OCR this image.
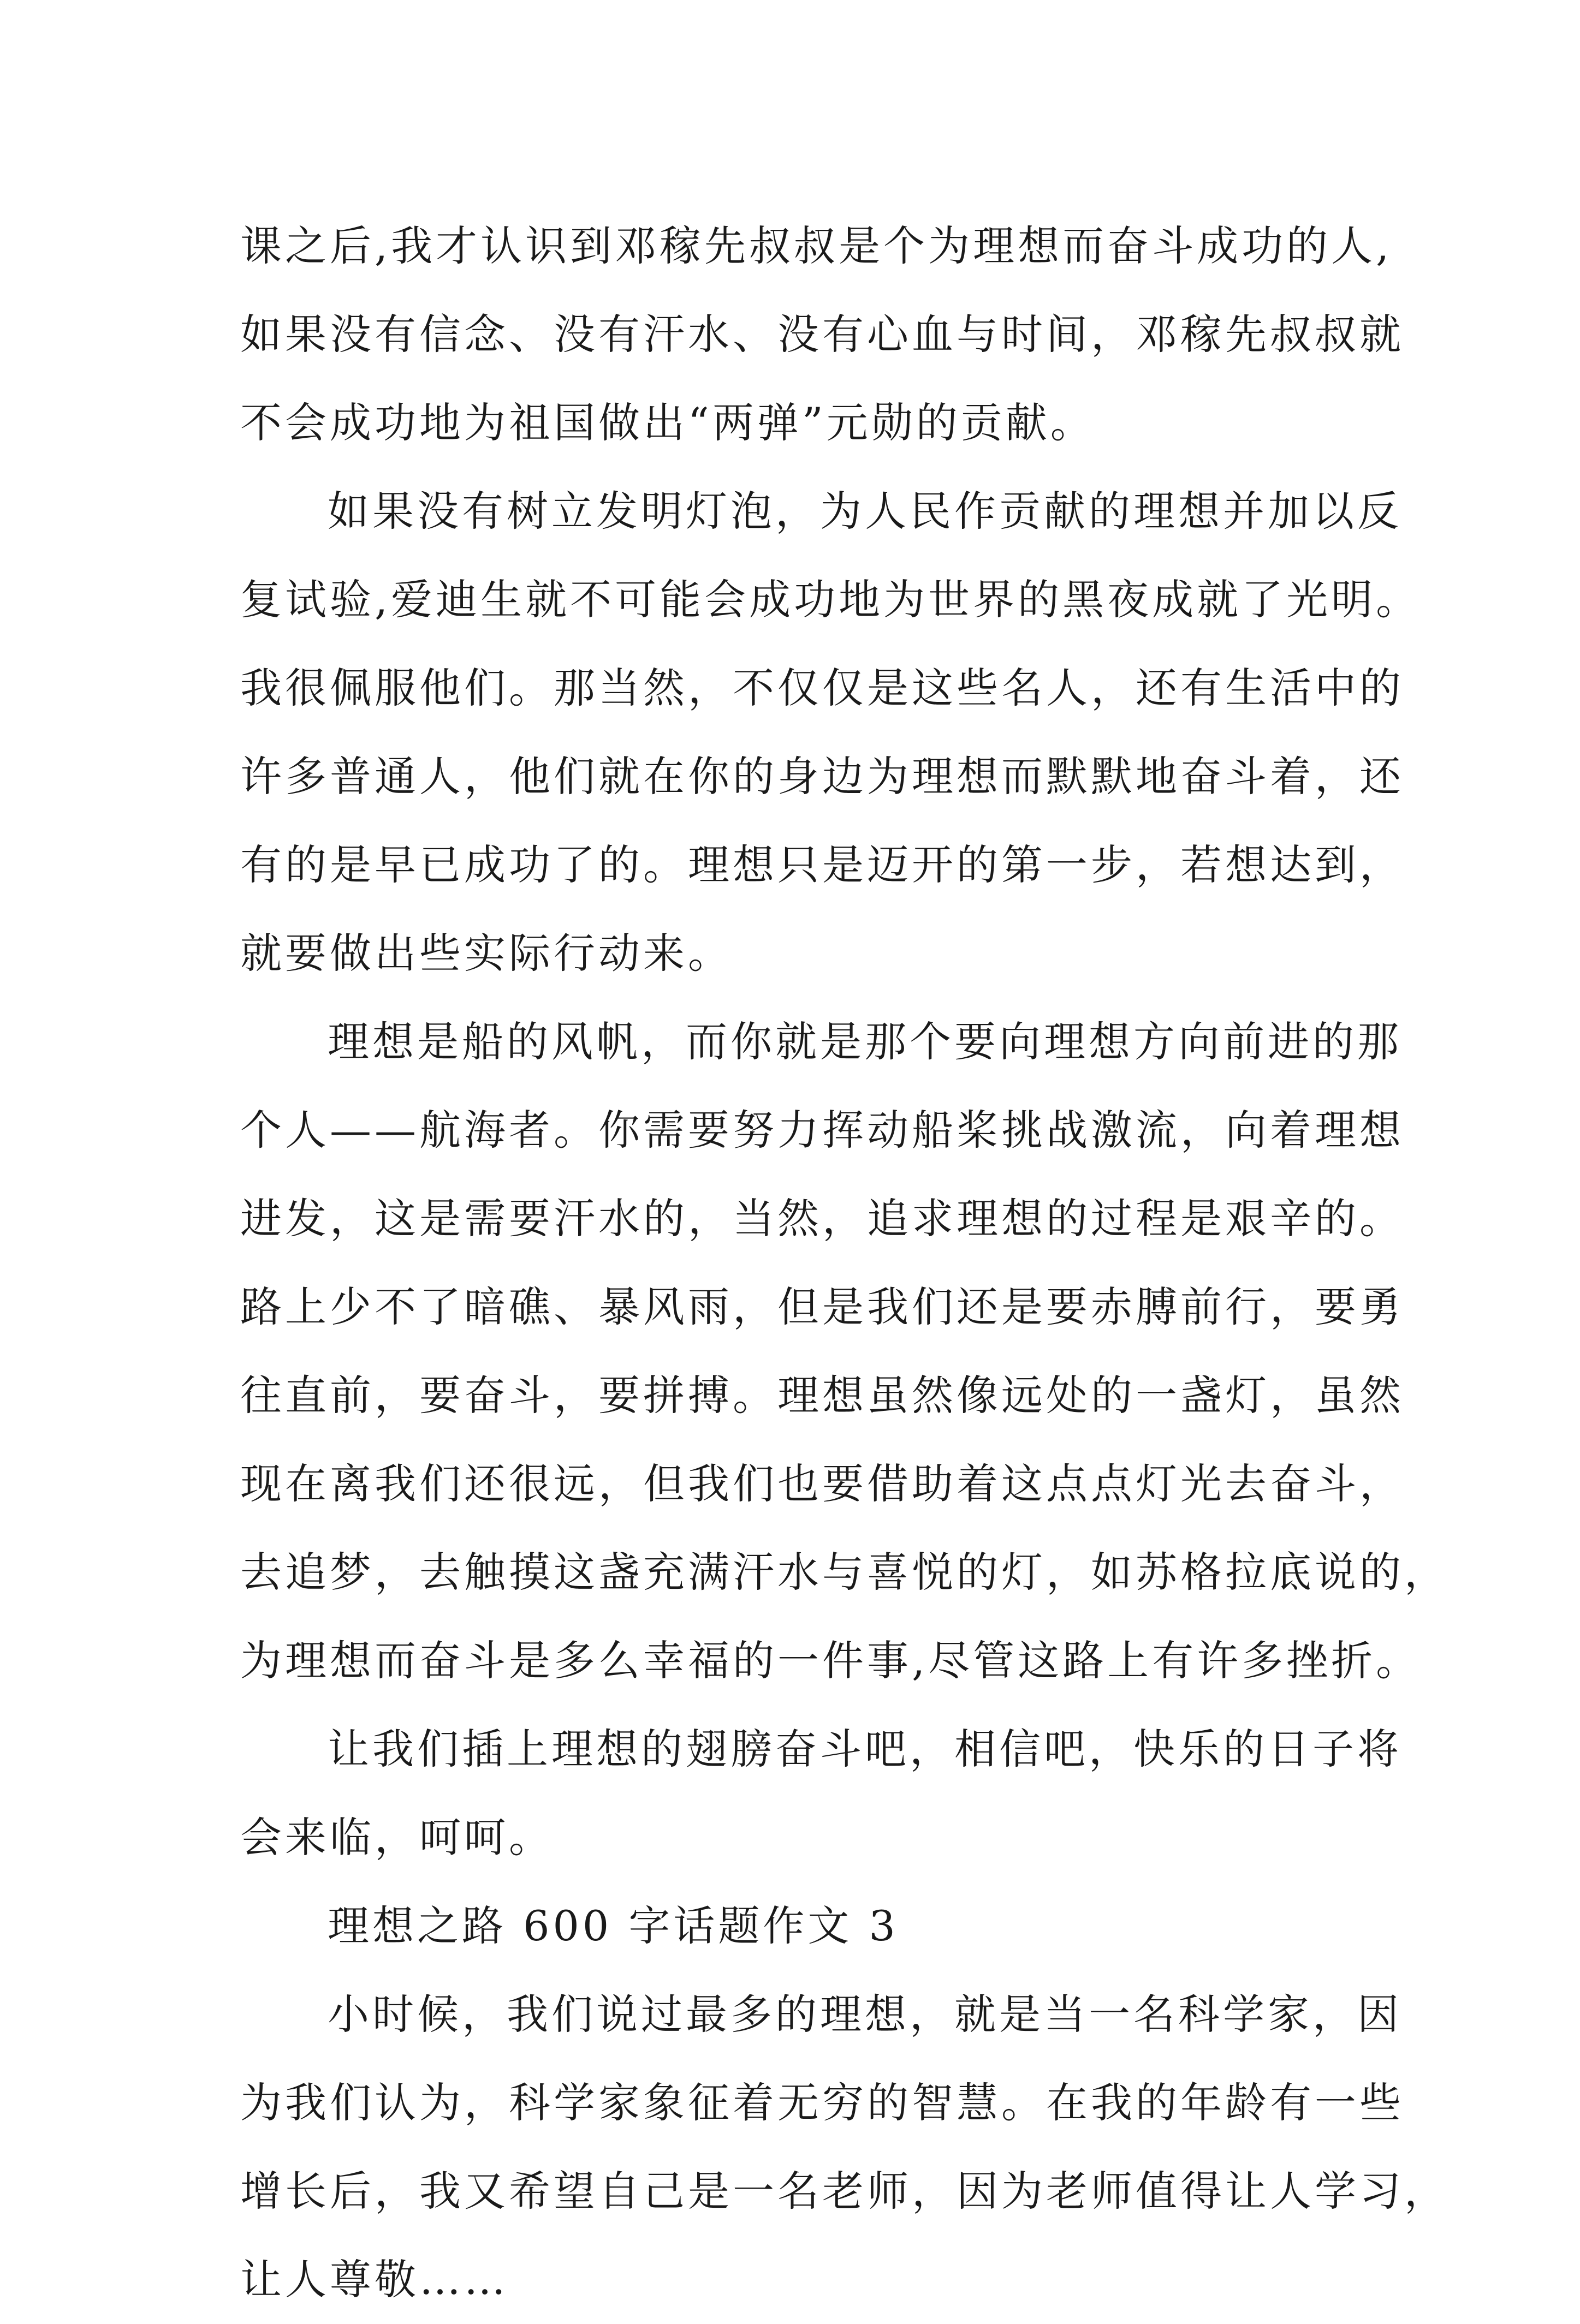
课之后,我才认识到邓稼先叔叔是个为理想而奋斗成功的人,
如果没有信念、没有汗水、没有心血与时间，邓稼先叔叔就
不会成功地为祖国做出“两弹”元勋的贡献。
如果没有树立发明灯泡，为人民作贡献的理想并加以反
复试验,爱迪生就不可能会成功地为世界的黑夜成就了光明。
我很佩服他们。那当然，不仅仅是这些名人，还有生活中的
许多普通人，他们就在你的身边为理想而默默地奋斗着，还
有的是早已成功了的。理想只是迈开的第一步，若想达到，
就要做出些实际行动来。
理想是船的风帆，而你就是那个要向理想方向前进的那
个人——航海者。你需要努力挥动船桨挑战激流，向着理想
进发，这是需要汗水的，当然，追求理想的过程是艰辛的。
路上少不了暗礁、暴风雨，但是我们还是要赤膊前行，要勇
往直前，要奋斗，要拼搏。理想虽然像远处的一盏灯，虽然
现在离我们还很远，但我们也要借助着这点点灯光去奋斗，
去追梦，去触摸这盏充满汗水与喜悦的灯，如苏格拉底说的，
为理想而奋斗是多么幸福的一件事,尽管这路上有许多挫折。
让我们插上理想的翅膀奋斗吧，相信吧，快乐的日子将
会来临，呵呵。
理想之路 600 字话题作文 3
小时候，我们说过最多的理想，就是当一名科学家，因
为我们认为，科学家象征着无穷的智慧。在我的年龄有一些
增长后，我又希望自己是一名老师，因为老师值得让人学习，
让人尊敬……
